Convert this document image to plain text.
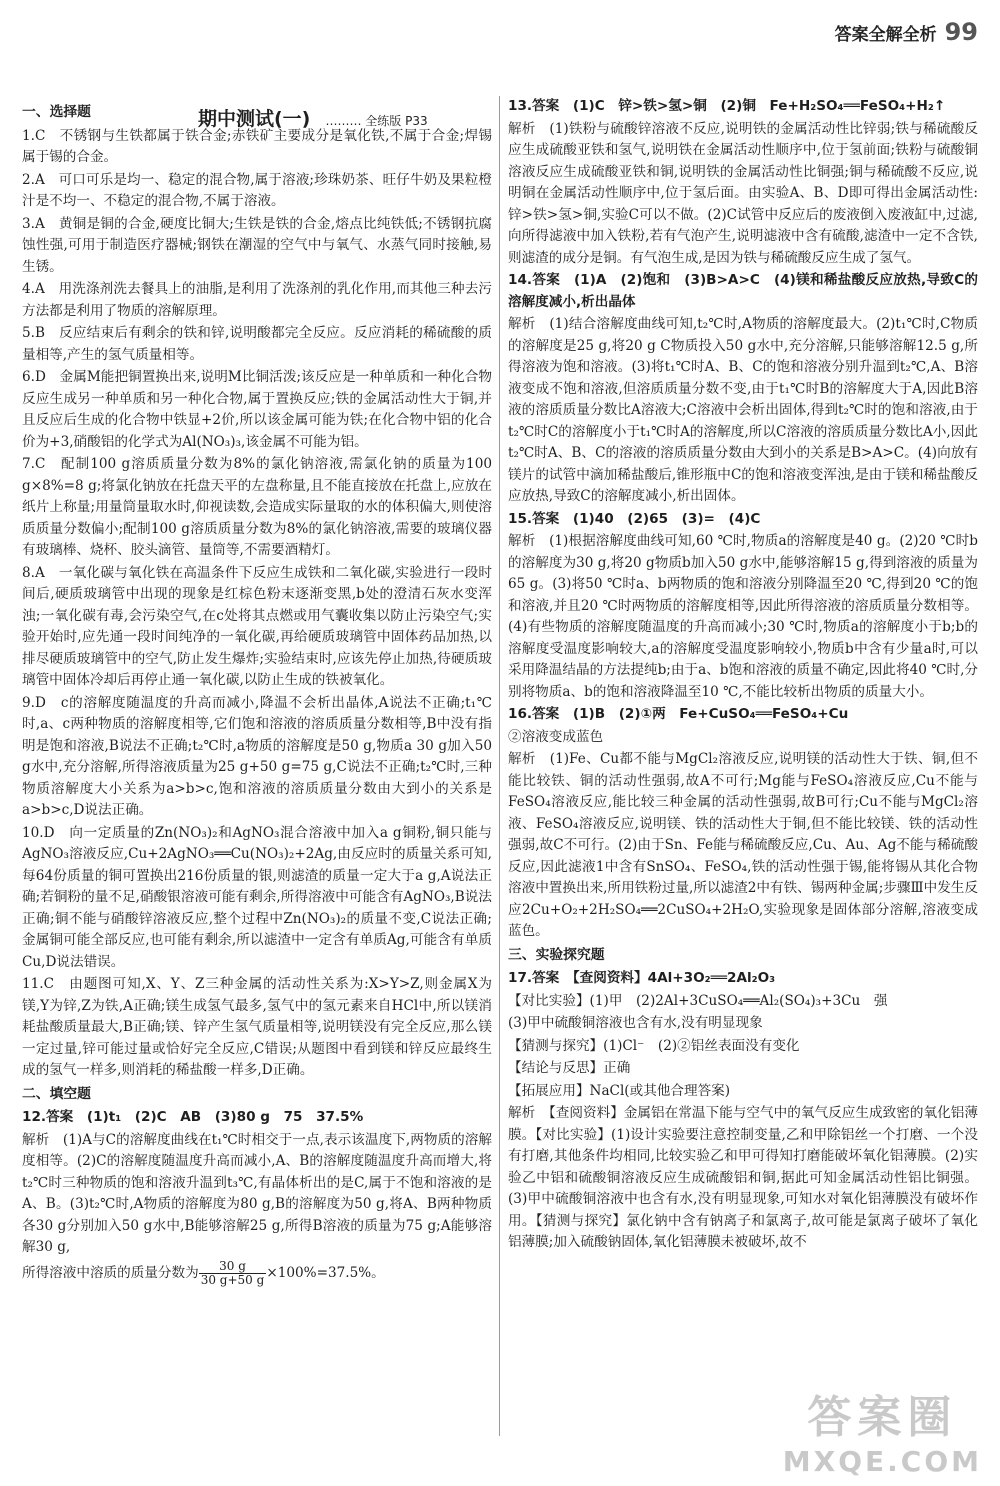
答案全解全析 99
期中测试(一) ……… 全练版 P33

一、选择题

1.C　不锈钢与生铁都属于铁合金;赤铁矿主要成分是氧化铁,不属于合金;焊锡属于锡的合金。

2.A　可口可乐是均一、稳定的混合物,属于溶液;珍珠奶茶、旺仔牛奶及果粒橙汁是不均一、不稳定的混合物,不属于溶液。

3.A　黄铜是铜的合金,硬度比铜大;生铁是铁的合金,熔点比纯铁低;不锈钢抗腐蚀性强,可用于制造医疗器械;钢铁在潮湿的空气中与氧气、水蒸气同时接触,易生锈。

4.A　用洗涤剂洗去餐具上的油脂,是利用了洗涤剂的乳化作用,而其他三种去污方法都是利用了物质的溶解原理。

5.B　反应结束后有剩余的铁和锌,说明酸都完全反应。反应消耗的稀硫酸的质量相等,产生的氢气质量相等。

6.D　金属M能把铜置换出来,说明M比铜活泼;该反应是一种单质和一种化合物反应生成另一种单质和另一种化合物,属于置换反应;铁的金属活动性大于铜,并且反应后生成的化合物中铁显+2价,所以该金属可能为铁;在化合物中铝的化合价为+3,硝酸铝的化学式为Al(NO₃)₃,该金属不可能为铝。

7.C　配制100 g溶质质量分数为8%的氯化钠溶液,需氯化钠的质量为100 g×8%=8 g;将氯化钠放在托盘天平的左盘称量,且不能直接放在托盘上,应放在纸片上称量;用量筒量取水时,仰视读数,会造成实际量取的水的体积偏大,则使溶质质量分数偏小;配制100 g溶质质量分数为8%的氯化钠溶液,需要的玻璃仪器有玻璃棒、烧杯、胶头滴管、量筒等,不需要酒精灯。

8.A　一氧化碳与氧化铁在高温条件下反应生成铁和二氧化碳,实验进行一段时间后,硬质玻璃管中出现的现象是红棕色粉末逐渐变黑,b处的澄清石灰水变浑浊;一氧化碳有毒,会污染空气,在c处将其点燃或用气囊收集以防止污染空气;实验开始时,应先通一段时间纯净的一氧化碳,再给硬质玻璃管中固体药品加热,以排尽硬质玻璃管中的空气,防止发生爆炸;实验结束时,应该先停止加热,待硬质玻璃管中固体冷却后再停止通一氧化碳,以防止生成的铁被氧化。

9.D　c的溶解度随温度的升高而减小,降温不会析出晶体,A说法不正确;t₁℃时,a、c两种物质的溶解度相等,它们饱和溶液的溶质质量分数相等,B中没有指明是饱和溶液,B说法不正确;t₂℃时,a物质的溶解度是50 g,物质a 30 g加入50 g水中,充分溶解,所得溶液质量为25 g+50 g=75 g,C说法不正确;t₂℃时,三种物质溶解度大小关系为a>b>c,饱和溶液的溶质质量分数由大到小的关系是a>b>c,D说法正确。

10.D　向一定质量的Zn(NO₃)₂和AgNO₃混合溶液中加入a g铜粉,铜只能与AgNO₃溶液反应,Cu+2AgNO₃══Cu(NO₃)₂+2Ag,由反应时的质量关系可知,每64份质量的铜可置换出216份质量的银,则滤渣的质量一定大于a g,A说法正确;若铜粉的量不足,硝酸银溶液可能有剩余,所得溶液中可能含有AgNO₃,B说法正确;铜不能与硝酸锌溶液反应,整个过程中Zn(NO₃)₂的质量不变,C说法正确;金属铜可能全部反应,也可能有剩余,所以滤渣中一定含有单质Ag,可能含有单质Cu,D说法错误。

11.C　由题图可知,X、Y、Z三种金属的活动性关系为:X>Y>Z,则金属X为镁,Y为锌,Z为铁,A正确;镁生成氢气最多,氢气中的氢元素来自HCl中,所以镁消耗盐酸质量最大,B正确;镁、锌产生氢气质量相等,说明镁没有完全反应,那么镁一定过量,锌可能过量或恰好完全反应,C错误;从题图中看到镁和锌反应最终生成的氢气一样多,则消耗的稀盐酸一样多,D正确。

二、填空题

12.答案　(1)t₁　(2)C　AB　(3)80 g　75　37.5%

解析　(1)A与C的溶解度曲线在t₁℃时相交于一点,表示该温度下,两物质的溶解度相等。(2)C的溶解度随温度升高而减小,A、B的溶解度随温度升高而增大,将t₂℃时三种物质的饱和溶液升温到t₃℃,有晶体析出的是C,属于不饱和溶液的是A、B。(3)t₂℃时,A物质的溶解度为80 g,B的溶解度为50 g,将A、B两种物质各30 g分别加入50 g水中,B能够溶解25 g,所得B溶液的质量为75 g;A能够溶解30 g,

所得溶液中溶质的质量分数为 $\frac{30 g}{30 g+50 g} \times 100\%=37.5\%$。

13.答案　(1)C　锌>铁>氢>铜　(2)铜　Fe+H₂SO₄══FeSO₄+H₂↑

解析　(1)铁粉与硫酸锌溶液不反应,说明铁的金属活动性比锌弱;铁与稀硫酸反应生成硫酸亚铁和氢气,说明铁在金属活动性顺序中,位于氢前面;铁粉与硫酸铜溶液反应生成硫酸亚铁和铜,说明铁的金属活动性比铜强;铜与稀硫酸不反应,说明铜在金属活动性顺序中,位于氢后面。由实验A、B、D即可得出金属活动性:锌>铁>氢>铜,实验C可以不做。(2)C试管中反应后的废液倒入废液缸中,过滤,向所得滤液中加入铁粉,若有气泡产生,说明滤液中含有硫酸,滤渣中一定不含铁,则滤渣的成分是铜。有气泡生成,是因为铁与稀硫酸反应生成了氢气。

14.答案　(1)A　(2)饱和　(3)B>A>C　(4)镁和稀盐酸反应放热,导致C的溶解度减小,析出晶体

解析　(1)结合溶解度曲线可知,t₂℃时,A物质的溶解度最大。(2)t₁℃时,C物质的溶解度是25 g,将20 g C物质投入50 g水中,充分溶解,只能够溶解12.5 g,所得溶液为饱和溶液。(3)将t₁℃时A、B、C的饱和溶液分别升温到t₂℃,A、B溶液变成不饱和溶液,但溶质质量分数不变,由于t₁℃时B的溶解度大于A,因此B溶液的溶质质量分数比A溶液大;C溶液中会析出固体,得到t₂℃时的饱和溶液,由于t₂℃时C的溶解度小于t₁℃时A的溶解度,所以C溶液的溶质质量分数比A小,因此t₂℃时A、B、C的溶液的溶质质量分数由大到小的关系是B>A>C。(4)向放有镁片的试管中滴加稀盐酸后,锥形瓶中C的饱和溶液变浑浊,是由于镁和稀盐酸反应放热,导致C的溶解度减小,析出固体。

15.答案　(1)40　(2)65　(3)=　(4)C

解析　(1)根据溶解度曲线可知,60 ℃时,物质a的溶解度是40 g。(2)20 ℃时b的溶解度为30 g,将20 g物质b加入50 g水中,能够溶解15 g,得到溶液的质量为65 g。(3)将50 ℃时a、b两物质的饱和溶液分别降温至20 ℃,得到20 ℃的饱和溶液,并且20 ℃时两物质的溶解度相等,因此所得溶液的溶质质量分数相等。(4)有些物质的溶解度随温度的升高而减小;30 ℃时,物质a的溶解度小于b;b的溶解度受温度影响较大,a的溶解度受温度影响较小,物质b中含有少量a时,可以采用降温结晶的方法提纯b;由于a、b饱和溶液的质量不确定,因此将40 ℃时,分别将物质a、b的饱和溶液降温至10 ℃,不能比较析出物质的质量大小。

16.答案　(1)B　(2)①两　Fe+CuSO₄══FeSO₄+Cu

②溶液变成蓝色

解析　(1)Fe、Cu都不能与MgCl₂溶液反应,说明镁的活动性大于铁、铜,但不能比较铁、铜的活动性强弱,故A不可行;Mg能与FeSO₄溶液反应,Cu不能与FeSO₄溶液反应,能比较三种金属的活动性强弱,故B可行;Cu不能与MgCl₂溶液、FeSO₄溶液反应,说明镁、铁的活动性大于铜,但不能比较镁、铁的活动性强弱,故C不可行。(2)由于Sn、Fe能与稀硫酸反应,Cu、Au、Ag不能与稀硫酸反应,因此滤液1中含有SnSO₄、FeSO₄,铁的活动性强于锡,能将锡从其化合物溶液中置换出来,所用铁粉过量,所以滤渣2中有铁、锡两种金属;步骤Ⅲ中发生反应2Cu+O₂+2H₂SO₄══2CuSO₄+2H₂O,实验现象是固体部分溶解,溶液变成蓝色。

三、实验探究题

17.答案　【查阅资料】4Al+3O₂══2Al₂O₃

【对比实验】(1)甲　(2)2Al+3CuSO₄══Al₂(SO₄)₃+3Cu　强

(3)甲中硫酸铜溶液也含有水,没有明显现象

【猜测与探究】(1)Cl⁻　(2)②铝丝表面没有变化

【结论与反思】正确

【拓展应用】NaCl(或其他合理答案)

解析　【查阅资料】金属铝在常温下能与空气中的氧气反应生成致密的氧化铝薄膜。【对比实验】(1)设计实验要注意控制变量,乙和甲除铝丝一个打磨、一个没有打磨,其他条件均相同,比较实验乙和甲可得知打磨能破坏氧化铝薄膜。(2)实验乙中铝和硫酸铜溶液反应生成硫酸铝和铜,据此可知金属活动性铝比铜强。(3)甲中硫酸铜溶液中也含有水,没有明显现象,可知水对氧化铝薄膜没有破坏作用。【猜测与探究】氯化钠中含有钠离子和氯离子,故可能是氯离子破坏了氧化铝薄膜;加入硫酸钠固体,氧化铝薄膜未被破坏,故不

答案圈
MXQE.COM
